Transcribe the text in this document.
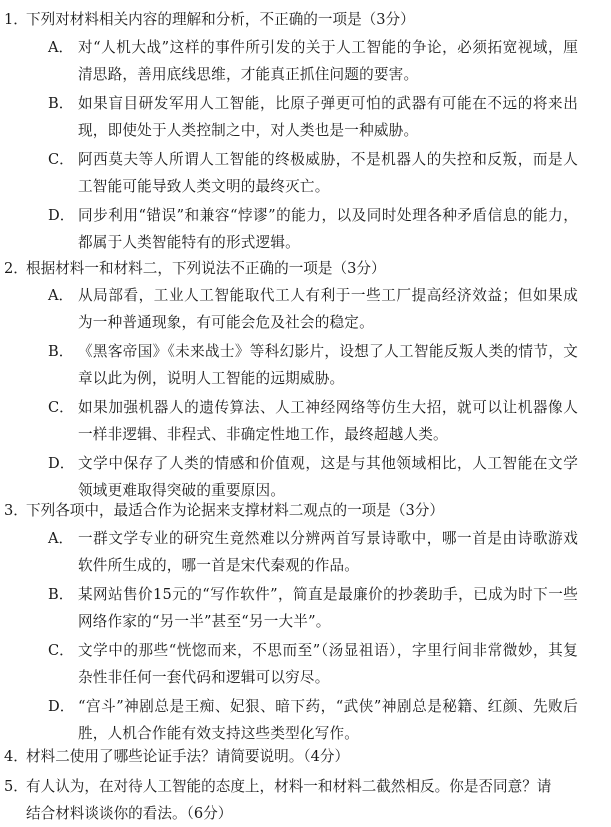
1．下列对材料相关内容的理解和分析，不正确的一项是（3分）
A． 对“人机大战”这样的事件所引发的关于人工智能的争论，必须拓宽视域，厘清思路，善用底线思维，才能真正抓住问题的要害。
B． 如果盲目研发军用人工智能，比原子弹更可怕的武器有可能在不远的将来出现，即使处于人类控制之中，对人类也是一种威胁。
C． 阿西莫夫等人所谓人工智能的终极威胁，不是机器人的失控和反叛，而是人工智能可能导致人类文明的最终灭亡。
D． 同步利用“错误”和兼容“悖谬”的能力，以及同时处理各种矛盾信息的能力，都属于人类智能特有的形式逻辑。
2．根据材料一和材料二，下列说法不正确的一项是（3分）
A． 从局部看，工业人工智能取代工人有利于一些工厂提高经济效益；但如果成为一种普通现象，有可能会危及社会的稳定。
B． 《黑客帝国》《未来战士》等科幻影片，设想了人工智能反叛人类的情节，文章以此为例，说明人工智能的远期威胁。
C． 如果加强机器人的遗传算法、人工神经网络等仿生大招，就可以让机器像人一样非逻辑、非程式、非确定性地工作，最终超越人类。
D． 文学中保存了人类的情感和价值观，这是与其他领域相比，人工智能在文学领域更难取得突破的重要原因。
3．下列各项中，最适合作为论据来支撑材料二观点的一项是（3分）
A． 一群文学专业的研究生竟然难以分辨两首写景诗歌中，哪一首是由诗歌游戏软件所生成的，哪一首是宋代秦观的作品。
B． 某网站售价15元的“写作软件”，简直是最廉价的抄袭助手，已成为时下一些网络作家的“另一半”甚至“另一大半”。
C． 文学中的那些“恍惚而来，不思而至”（汤显祖语），字里行间非常微妙，其复杂性非任何一套代码和逻辑可以穷尽。
D． “宫斗”神剧总是王痴、妃狠、暗下药，“武侠”神剧总是秘籍、红颜、先败后胜，人机合作能有效支持这些类型化写作。
4．材料二使用了哪些论证手法？请简要说明。（4分）
5．有人认为，在对待人工智能的态度上，材料一和材料二截然相反。你是否同意？请
结合材料谈谈你的看法。（6分）
